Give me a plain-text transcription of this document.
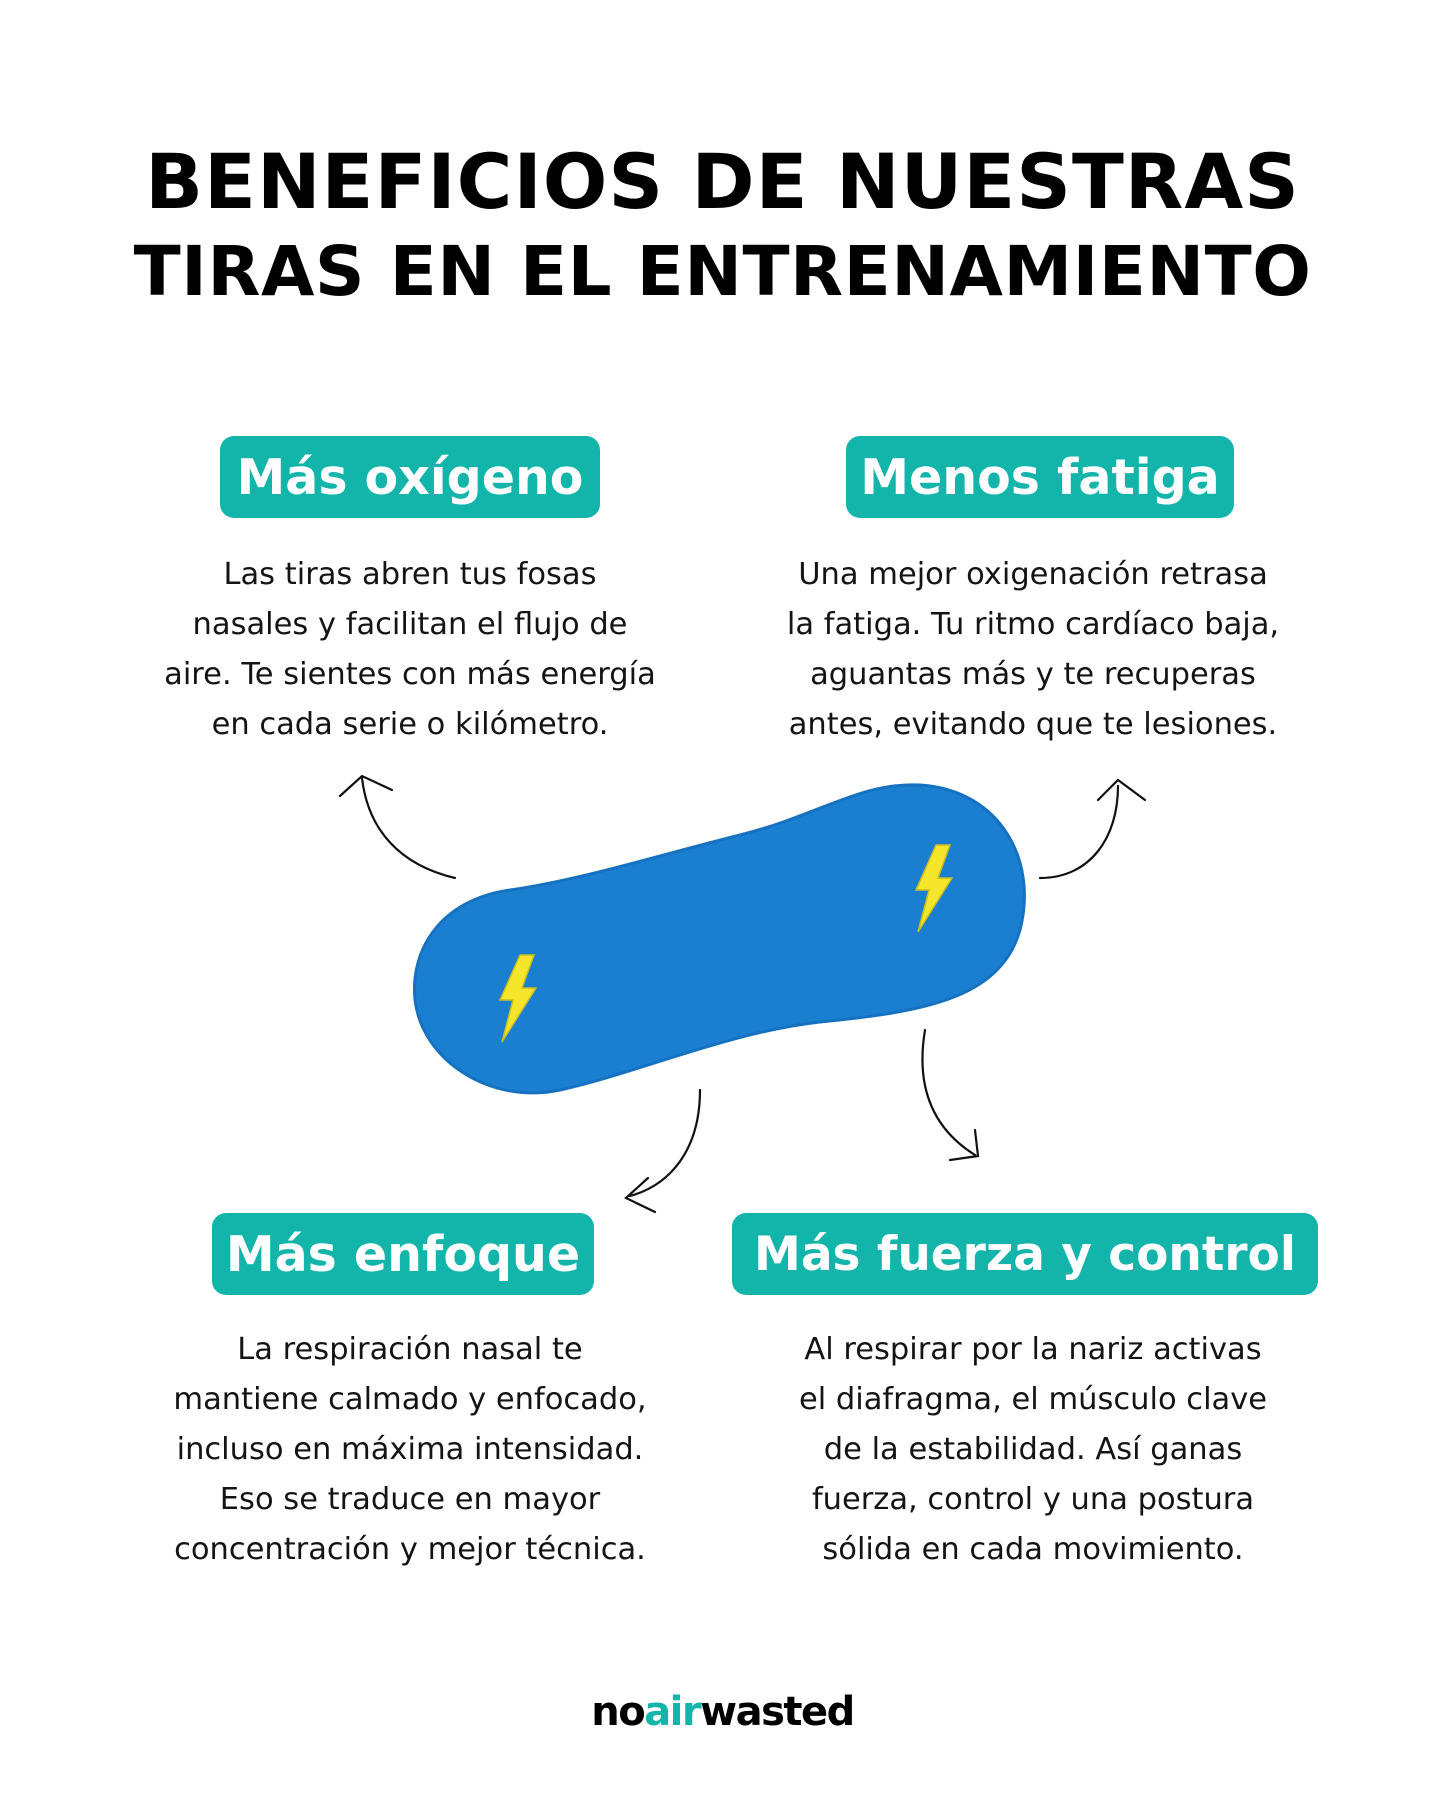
BENEFICIOS DE NUESTRAS
TIRAS EN EL ENTRENAMIENTO
Más oxígeno

Las tiras abren tus fosas
nasales y facilitan el flujo de
aire. Te sientes con más energía
en cada serie o kilómetro.

Menos fatiga

Una mejor oxigenación retrasa
la fatiga. Tu ritmo cardíaco baja,
aguantas más y te recuperas
antes, evitando que te lesiones.

Más enfoque

La respiración nasal te
mantiene calmado y enfocado,
incluso en máxima intensidad.
Eso se traduce en mayor
concentración y mejor técnica.

Más fuerza y control

Al respirar por la nariz activas
el diafragma, el músculo clave
de la estabilidad. Así ganas
fuerza, control y una postura
sólida en cada movimiento.

noairwasted
